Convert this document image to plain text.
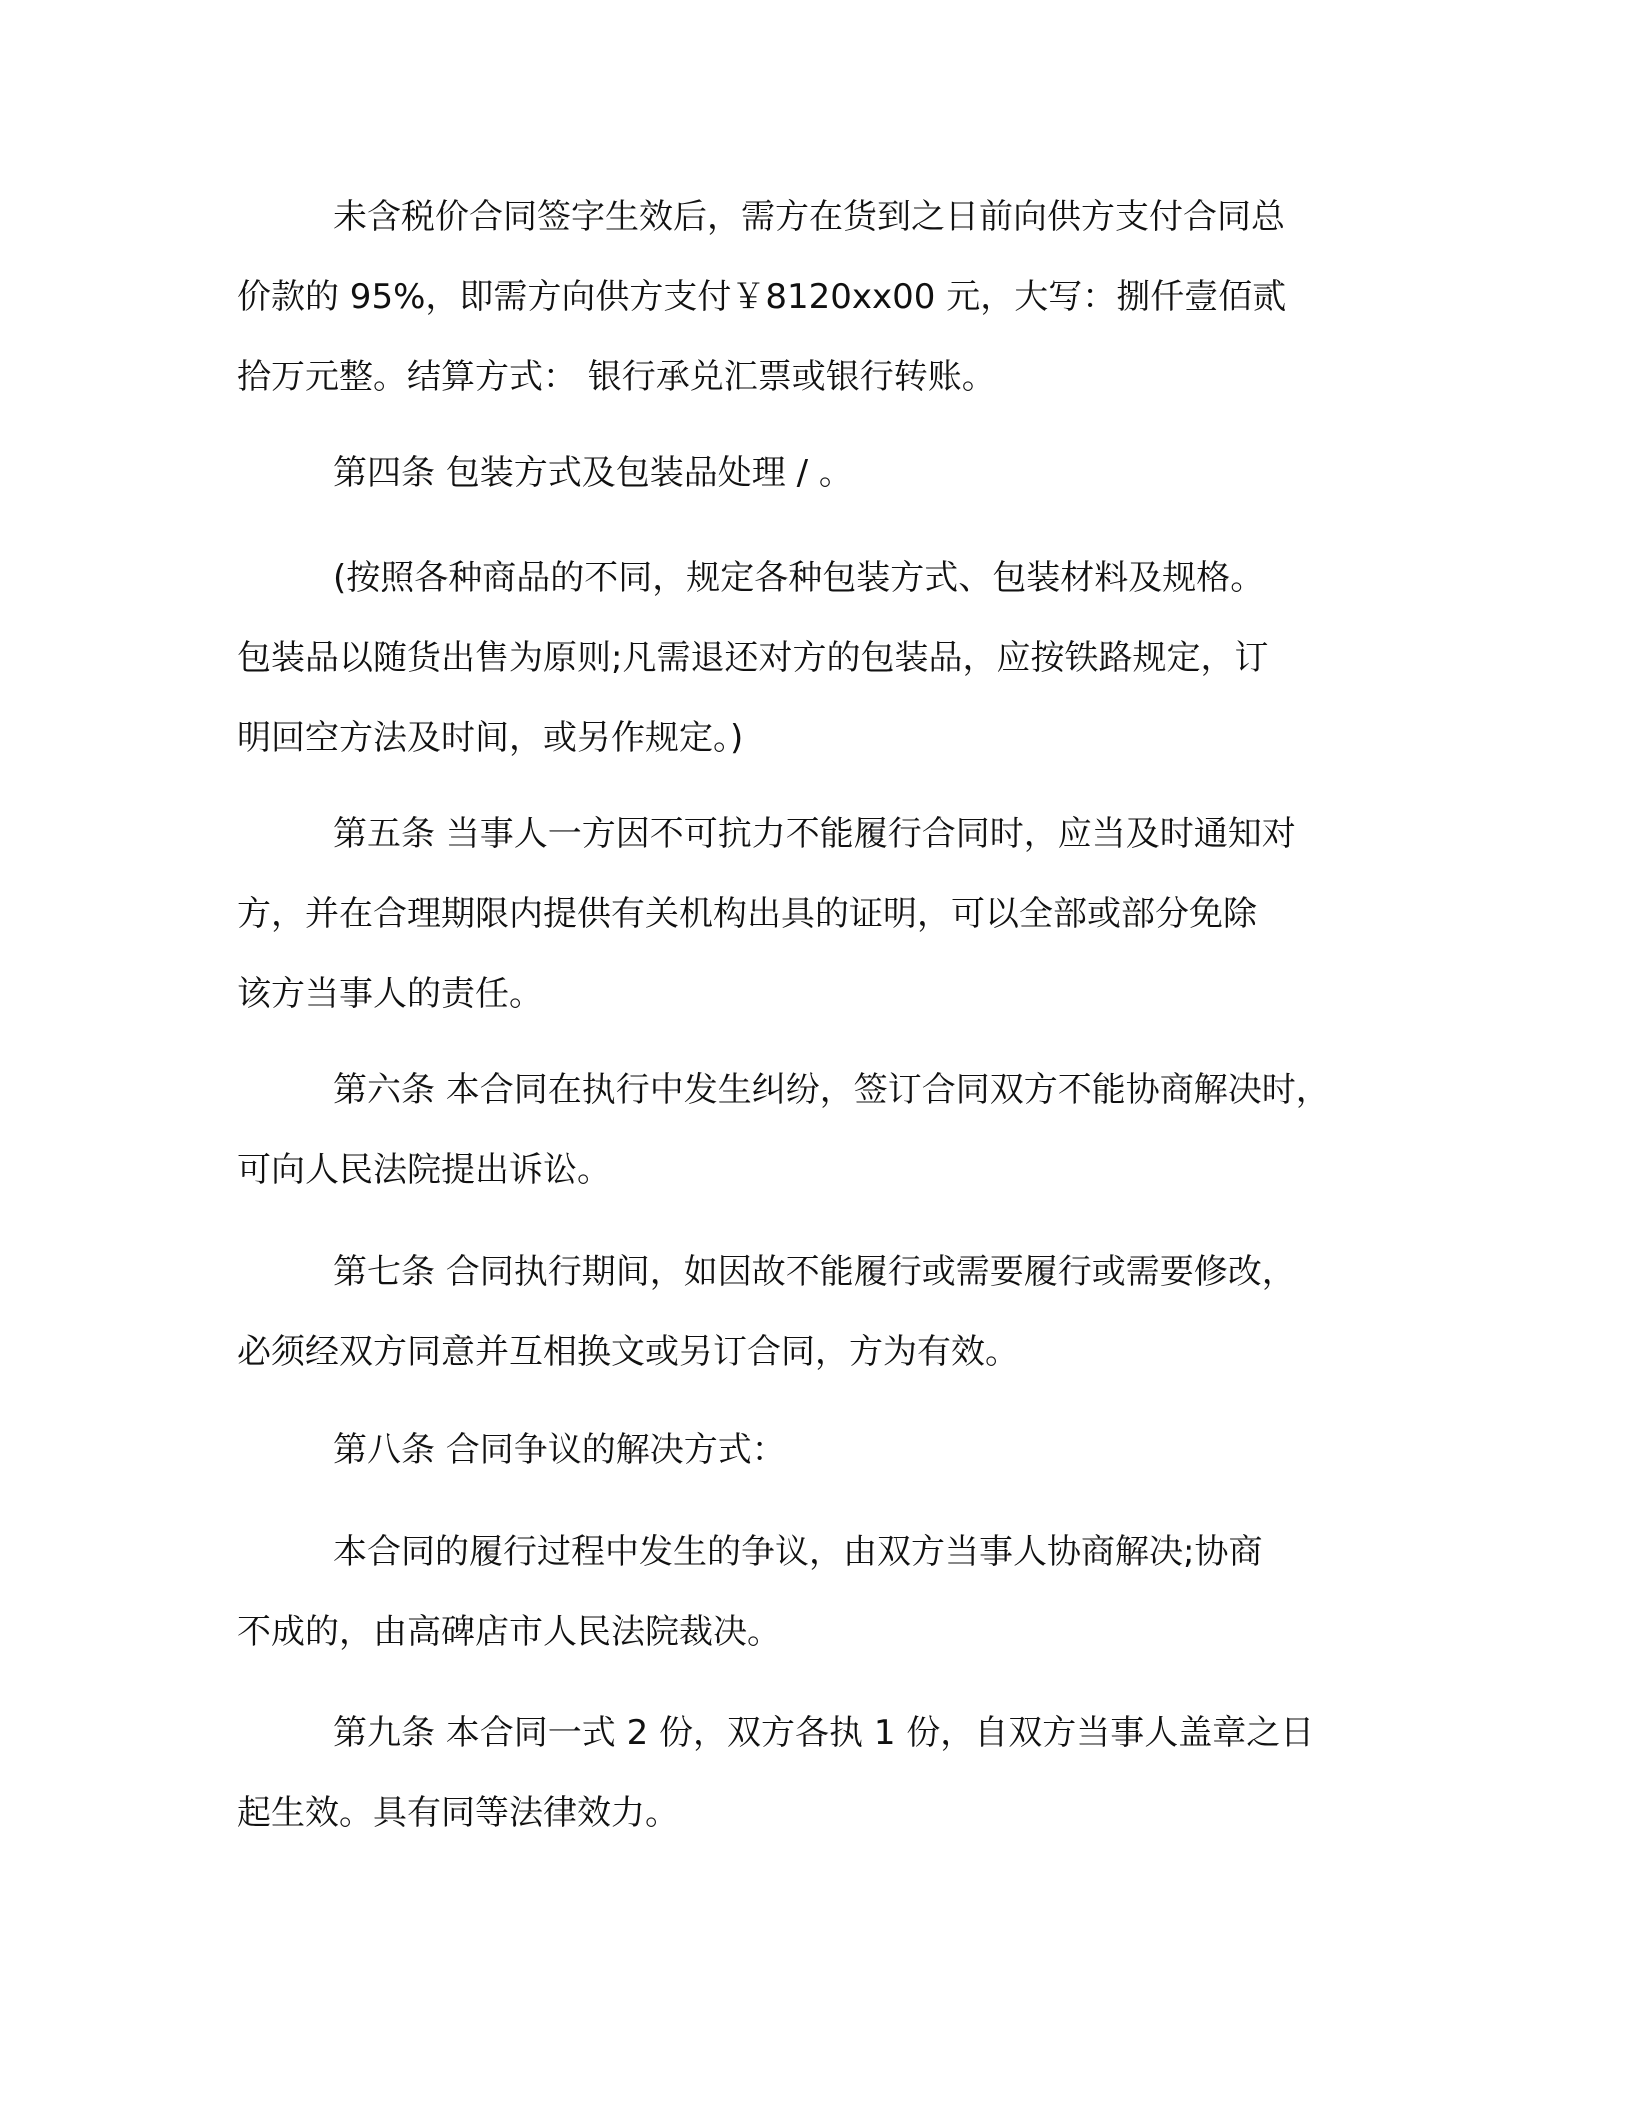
未含税价合同签字生效后，需方在货到之日前向供方支付合同总
价款的 95%，即需方向供方支付￥8120xx00 元，大写：捌仟壹佰贰
拾万元整。结算方式： 银行承兑汇票或银行转账。
第四条 包装方式及包装品处理 / 。
(按照各种商品的不同，规定各种包装方式、包装材料及规格。
包装品以随货出售为原则;凡需退还对方的包装品，应按铁路规定，订
明回空方法及时间，或另作规定。)
第五条 当事人一方因不可抗力不能履行合同时，应当及时通知对
方，并在合理期限内提供有关机构出具的证明，可以全部或部分免除
该方当事人的责任。
第六条 本合同在执行中发生纠纷，签订合同双方不能协商解决时，
可向人民法院提出诉讼。
第七条 合同执行期间，如因故不能履行或需要履行或需要修改，
必须经双方同意并互相换文或另订合同，方为有效。
第八条 合同争议的解决方式：
本合同的履行过程中发生的争议，由双方当事人协商解决;协商
不成的，由高碑店市人民法院裁决。
第九条 本合同一式 2 份，双方各执 1 份，自双方当事人盖章之日
起生效。具有同等法律效力。
